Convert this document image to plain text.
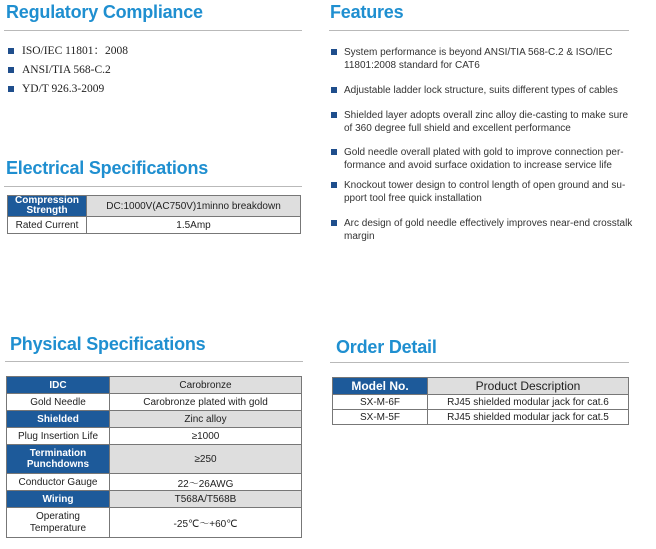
Regulatory Compliance
ISO/IEC 11801：2008
ANSI/TIA 568-C.2
YD/T 926.3-2009
Features
System performance is beyond ANSI/TIA 568-C.2 & ISO/IEC
11801:2008 standard for CAT6
Adjustable ladder lock structure, suits different types of cables
Shielded layer adopts overall zinc alloy die-casting to make sure
of 360 degree full shield and excellent performance
Gold needle overall plated with gold to improve connection per-
formance and avoid surface oxidation to increase service life
Knockout tower design to control length of open ground and su-
pport tool free quick installation
Arc design of gold needle effectively improves near-end crosstalk
margin
Electrical Specifications
Compression Strength	DC:1000V(AC750V)1minno breakdown
Rated Current	1.5Amp
Physical Specifications
IDC	Carobronze
Gold Needle	Carobronze plated with gold
Shielded	Zinc alloy
Plug Insertion Life	≥1000
Termination Punchdowns	≥250
Conductor Gauge	22～26AWG
Wiring	T568A/T568B
Operating Temperature	-25℃～+60℃
Order Detail
Model No.	Product Description
SX-M-6F	RJ45 shielded modular jack for cat.6
SX-M-5F	RJ45 shielded modular jack for cat.5
